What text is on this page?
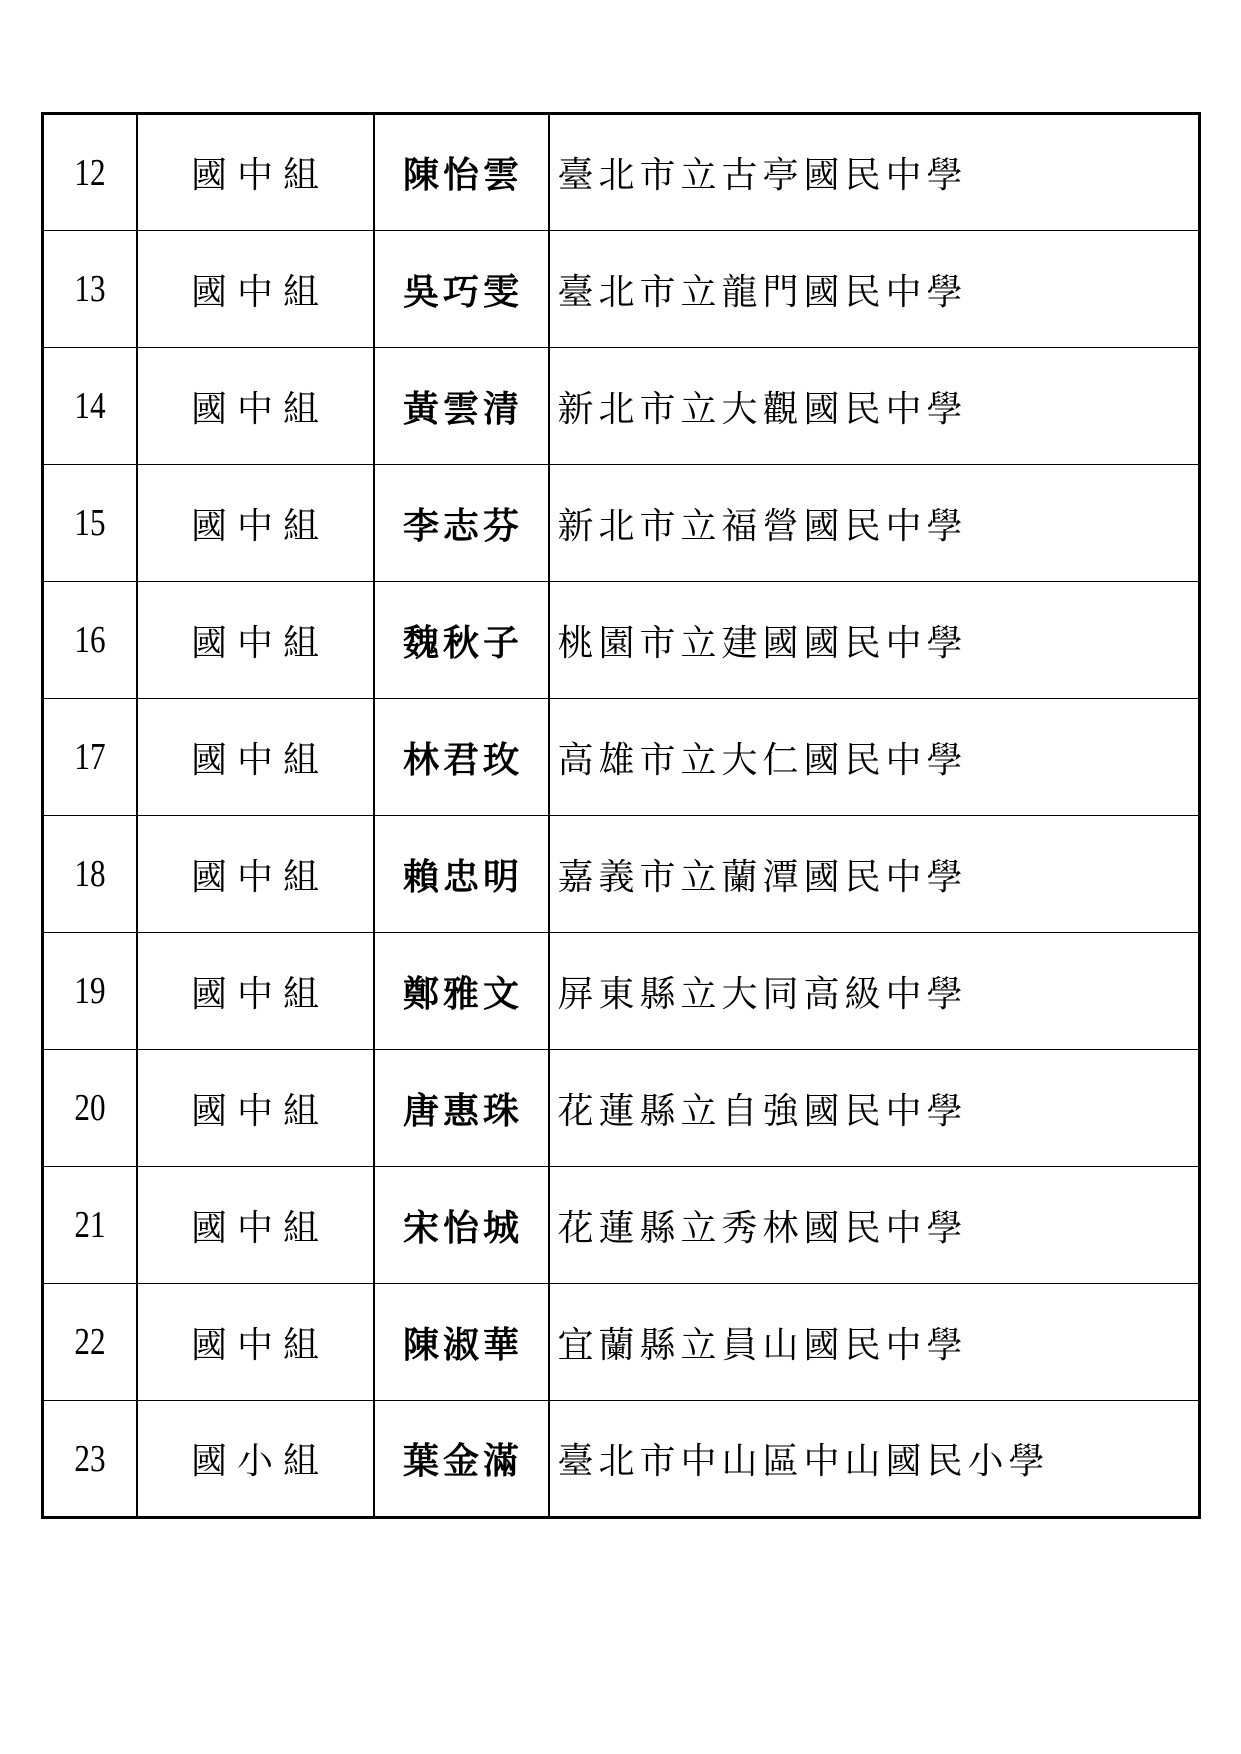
12	國中組	陳怡雲	臺北市立古亭國民中學
13	國中組	吳巧雯	臺北市立龍門國民中學
14	國中組	黃雲清	新北市立大觀國民中學
15	國中組	李志芬	新北市立福營國民中學
16	國中組	魏秋子	桃園市立建國國民中學
17	國中組	林君玫	高雄市立大仁國民中學
18	國中組	賴忠明	嘉義市立蘭潭國民中學
19	國中組	鄭雅文	屏東縣立大同高級中學
20	國中組	唐惠珠	花蓮縣立自強國民中學
21	國中組	宋怡城	花蓮縣立秀林國民中學
22	國中組	陳淑華	宜蘭縣立員山國民中學
23	國小組	葉金滿	臺北市中山區中山國民小學
